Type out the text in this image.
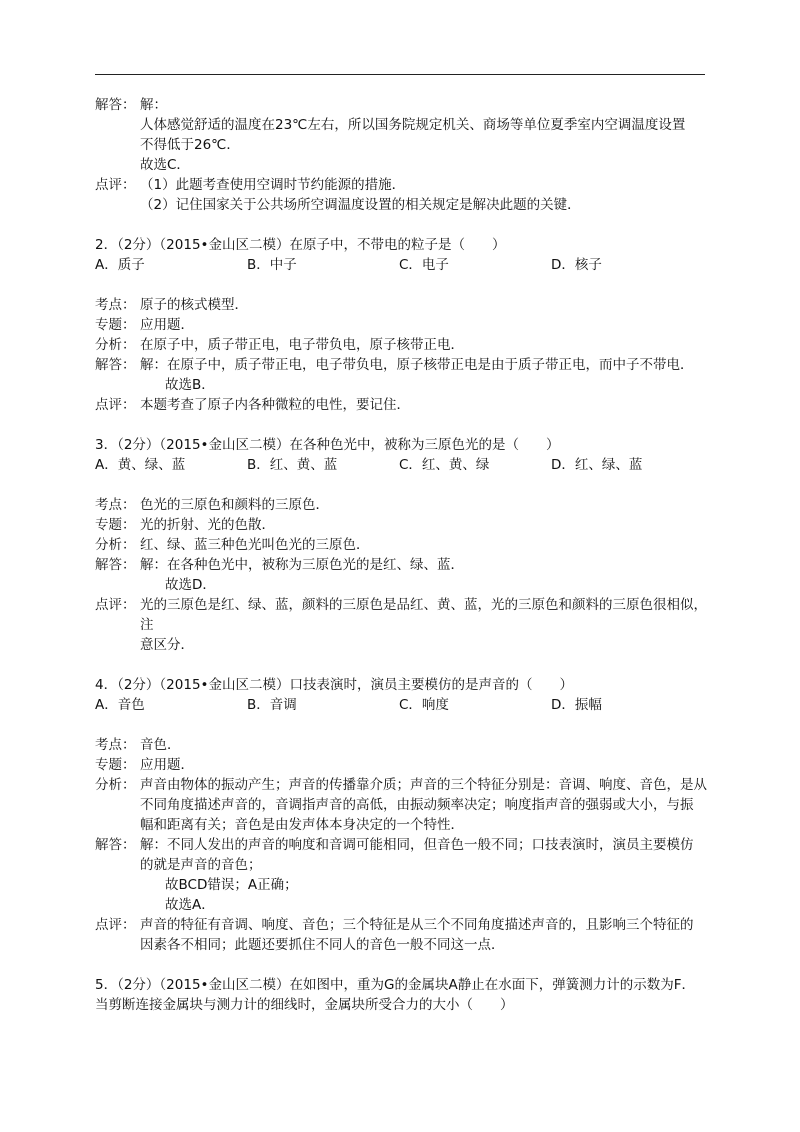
解答： 解：
人体感觉舒适的温度在23℃左右，所以国务院规定机关、商场等单位夏季室内空调温度设置
不得低于26℃．
故选C．
点评： （1）此题考查使用空调时节约能源的措施．
（2）记住国家关于公共场所空调温度设置的相关规定是解决此题的关键．
2．（2分）（2015•金山区二模）在原子中，不带电的粒子是（　　）
A．质子	B．中子	C．电子	D．核子
考点： 原子的核式模型．
专题： 应用题．
分析： 在原子中，质子带正电，电子带负电，原子核带正电．
解答： 解：在原子中，质子带正电，电子带负电，原子核带正电是由于质子带正电，而中子不带电．
故选B．
点评： 本题考查了原子内各种微粒的电性，要记住．
3．（2分）（2015•金山区二模）在各种色光中，被称为三原色光的是（　　）
A．黄、绿、蓝	B．红、黄、蓝	C．红、黄、绿	D．红、绿、蓝
考点： 色光的三原色和颜料的三原色．
专题： 光的折射、光的色散．
分析： 红、绿、蓝三种色光叫色光的三原色．
解答： 解：在各种色光中，被称为三原色光的是红、绿、蓝．
故选D．
点评： 光的三原色是红、绿、蓝，颜料的三原色是品红、黄、蓝，光的三原色和颜料的三原色很相似，注
意区分．
4．（2分）（2015•金山区二模）口技表演时，演员主要模仿的是声音的（　　）
A．音色	B．音调	C．响度	D．振幅
考点： 音色．
专题： 应用题．
分析： 声音由物体的振动产生；声音的传播靠介质；声音的三个特征分别是：音调、响度、音色，是从
不同角度描述声音的，音调指声音的高低，由振动频率决定；响度指声音的强弱或大小，与振
幅和距离有关；音色是由发声体本身决定的一个特性．
解答： 解：不同人发出的声音的响度和音调可能相同，但音色一般不同；口技表演时，演员主要模仿
的就是声音的音色；
故BCD错误；A正确；
故选A．
点评： 声音的特征有音调、响度、音色；三个特征是从三个不同角度描述声音的，且影响三个特征的
因素各不相同；此题还要抓住不同人的音色一般不同这一点．
5．（2分）（2015•金山区二模）在如图中，重为G的金属块A静止在水面下，弹簧测力计的示数为F．
当剪断连接金属块与测力计的细线时，金属块所受合力的大小（　　）
